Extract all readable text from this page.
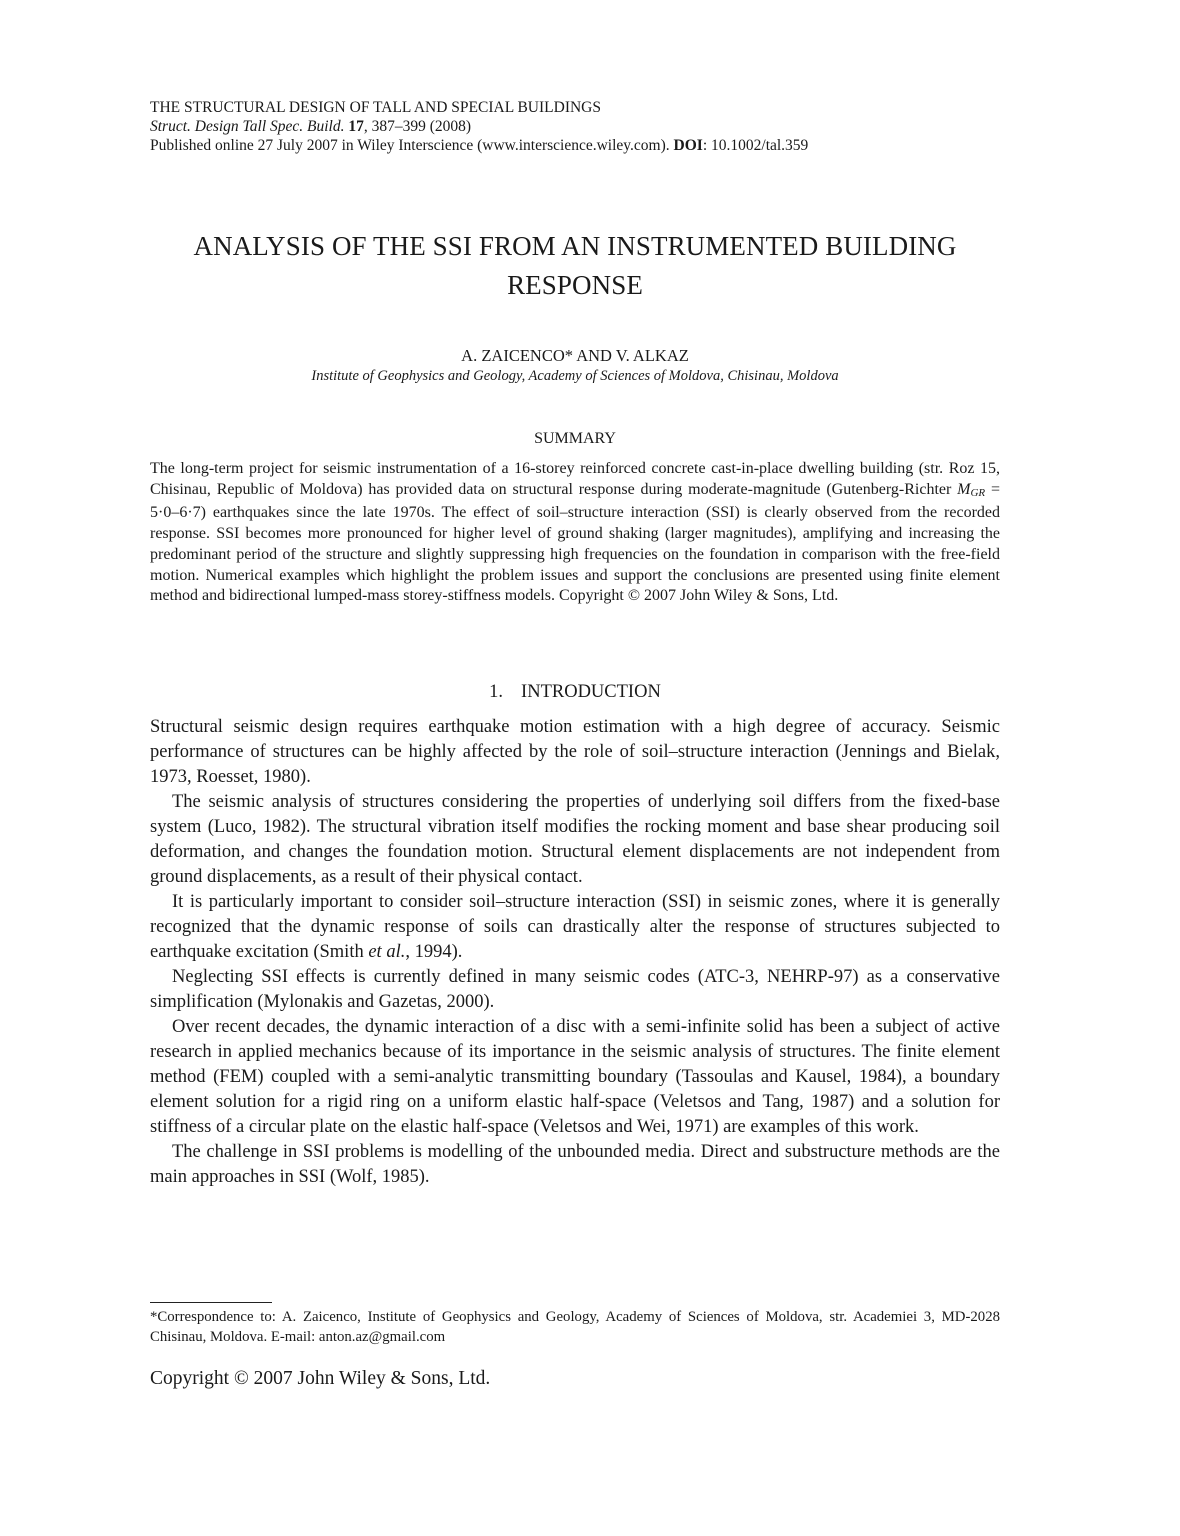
THE STRUCTURAL DESIGN OF TALL AND SPECIAL BUILDINGS
Struct. Design Tall Spec. Build. 17, 387–399 (2008)
Published online 27 July 2007 in Wiley Interscience (www.interscience.wiley.com). DOI: 10.1002/tal.359
ANALYSIS OF THE SSI FROM AN INSTRUMENTED BUILDING
RESPONSE
A. ZAICENCO* AND V. ALKAZ
Institute of Geophysics and Geology, Academy of Sciences of Moldova, Chisinau, Moldova
SUMMARY
The long-term project for seismic instrumentation of a 16-storey reinforced concrete cast-in-place dwelling building (str. Roz 15, Chisinau, Republic of Moldova) has provided data on structural response during moderate-magnitude (Gutenberg-Richter $M_{GR} = 5\cdot 0-6\cdot 7$) earthquakes since the late 1970s. The effect of soil–structure interaction (SSI) is clearly observed from the recorded response. SSI becomes more pronounced for higher level of ground shaking (larger magnitudes), amplifying and increasing the predominant period of the structure and slightly suppressing high frequencies on the foundation in comparison with the free-field motion. Numerical examples which highlight the problem issues and support the conclusions are presented using finite element method and bidirectional lumped-mass storey-stiffness models. Copyright © 2007 John Wiley & Sons, Ltd.
1. INTRODUCTION

Structural seismic design requires earthquake motion estimation with a high degree of accuracy. Seismic performance of structures can be highly affected by the role of soil–structure interaction (Jennings and Bielak, 1973, Roesset, 1980).

The seismic analysis of structures considering the properties of underlying soil differs from the fixed-base system (Luco, 1982). The structural vibration itself modifies the rocking moment and base shear producing soil deformation, and changes the foundation motion. Structural element displacements are not independent from ground displacements, as a result of their physical contact.

It is particularly important to consider soil–structure interaction (SSI) in seismic zones, where it is generally recognized that the dynamic response of soils can drastically alter the response of structures subjected to earthquake excitation (Smith et al., 1994).

Neglecting SSI effects is currently defined in many seismic codes (ATC-3, NEHRP-97) as a conservative simplification (Mylonakis and Gazetas, 2000).

Over recent decades, the dynamic interaction of a disc with a semi-infinite solid has been a subject of active research in applied mechanics because of its importance in the seismic analysis of structures. The finite element method (FEM) coupled with a semi-analytic transmitting boundary (Tassoulas and Kausel, 1984), a boundary element solution for a rigid ring on a uniform elastic half-space (Veletsos and Tang, 1987) and a solution for stiffness of a circular plate on the elastic half-space (Veletsos and Wei, 1971) are examples of this work.

The challenge in SSI problems is modelling of the unbounded media. Direct and substructure methods are the main approaches in SSI (Wolf, 1985).

*Correspondence to: A. Zaicenco, Institute of Geophysics and Geology, Academy of Sciences of Moldova, str. Academiei 3, MD-2028 Chisinau, Moldova. E-mail: anton.az@gmail.com
Copyright © 2007 John Wiley & Sons, Ltd.
